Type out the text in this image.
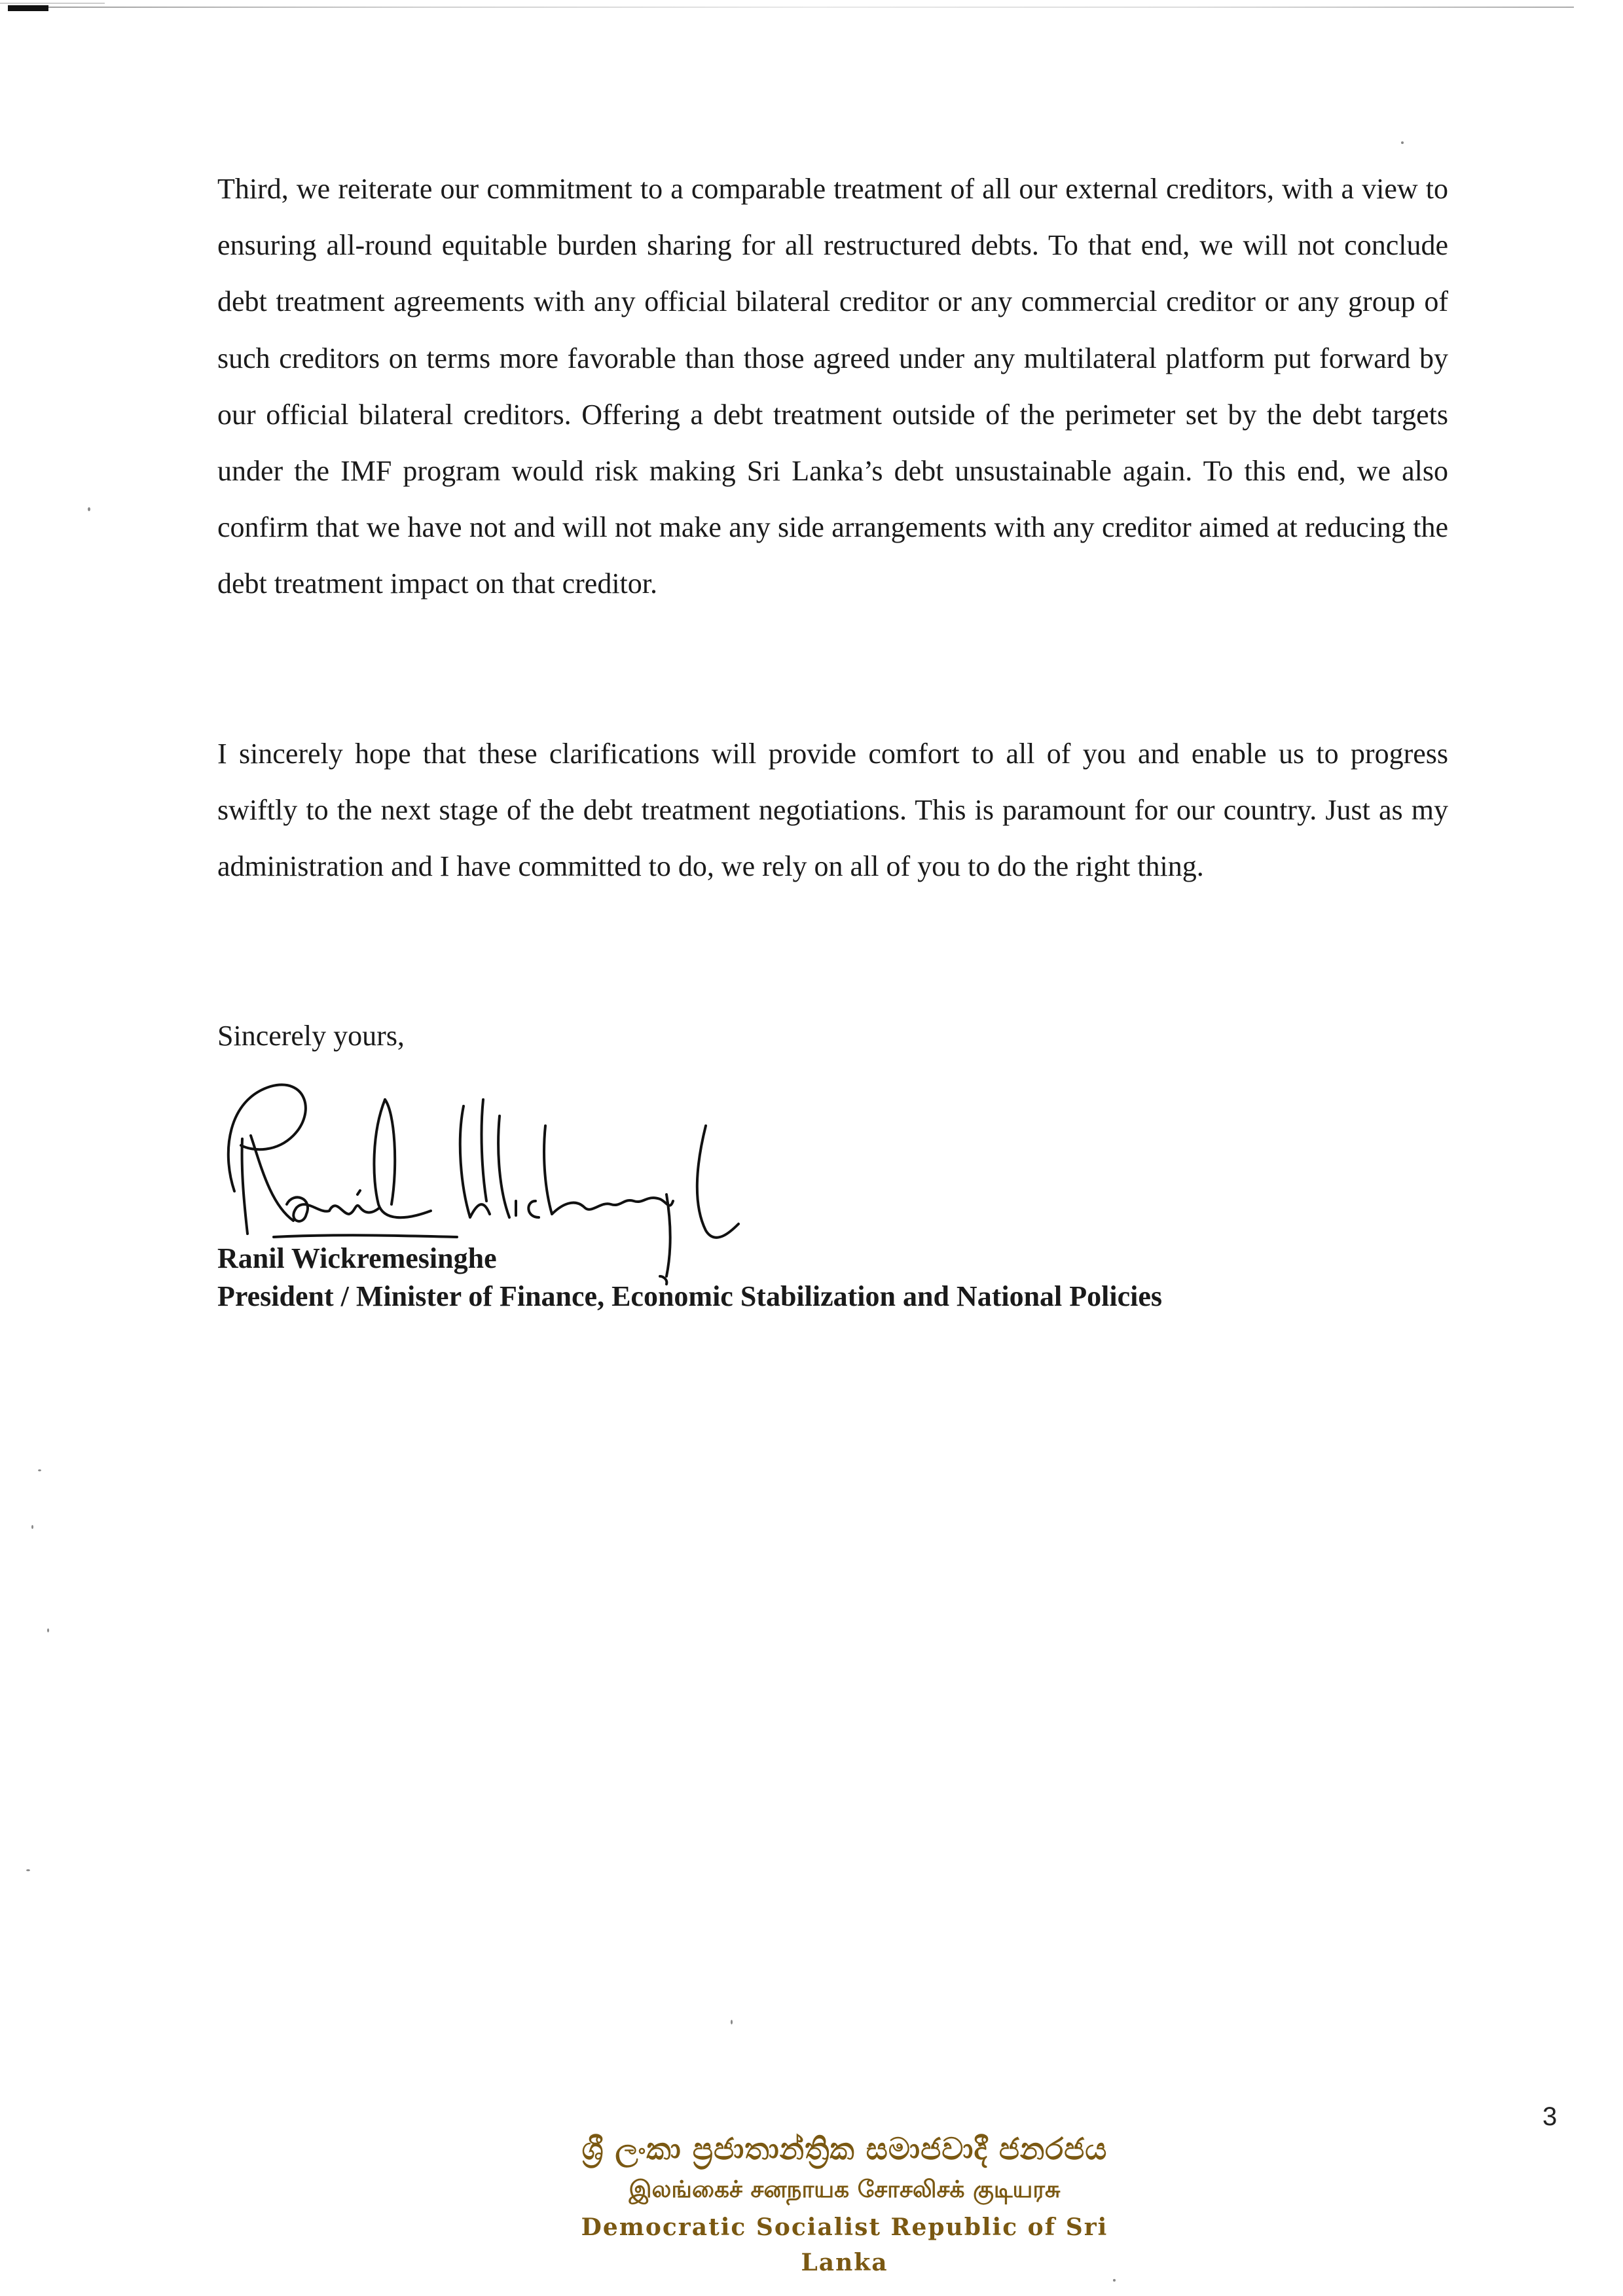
Third, we reiterate our commitment to a comparable treatment of all our external creditors, with a view to ensuring all-round equitable burden sharing for all restructured debts. To that end, we will not conclude debt treatment agreements with any official bilateral creditor or any commercial creditor or any group of such creditors on terms more favorable than those agreed under any multilateral platform put forward by our official bilateral creditors. Offering a debt treatment outside of the perimeter set by the debt targets under the IMF program would risk making Sri Lanka’s debt unsustainable again. To this end, we also confirm that we have not and will not make any side arrangements with any creditor aimed at reducing the debt treatment impact on that creditor.

I sincerely hope that these clarifications will provide comfort to all of you and enable us to progress swiftly to the next stage of the debt treatment negotiations. This is paramount for our country. Just as my administration and I have committed to do, we rely on all of you to do the right thing.

Sincerely yours,

Ranil Wickremesinghe

President / Minister of Finance, Economic Stabilization and National Policies

3
ශ්‍රී ලංකා ප්‍රජාතාන්ත්‍රික සමාජවාදී ජනරජය
இலங்கைச் சனநாயக சோசலிசக் குடியரசு
Democratic Socialist Republic of Sri Lanka
